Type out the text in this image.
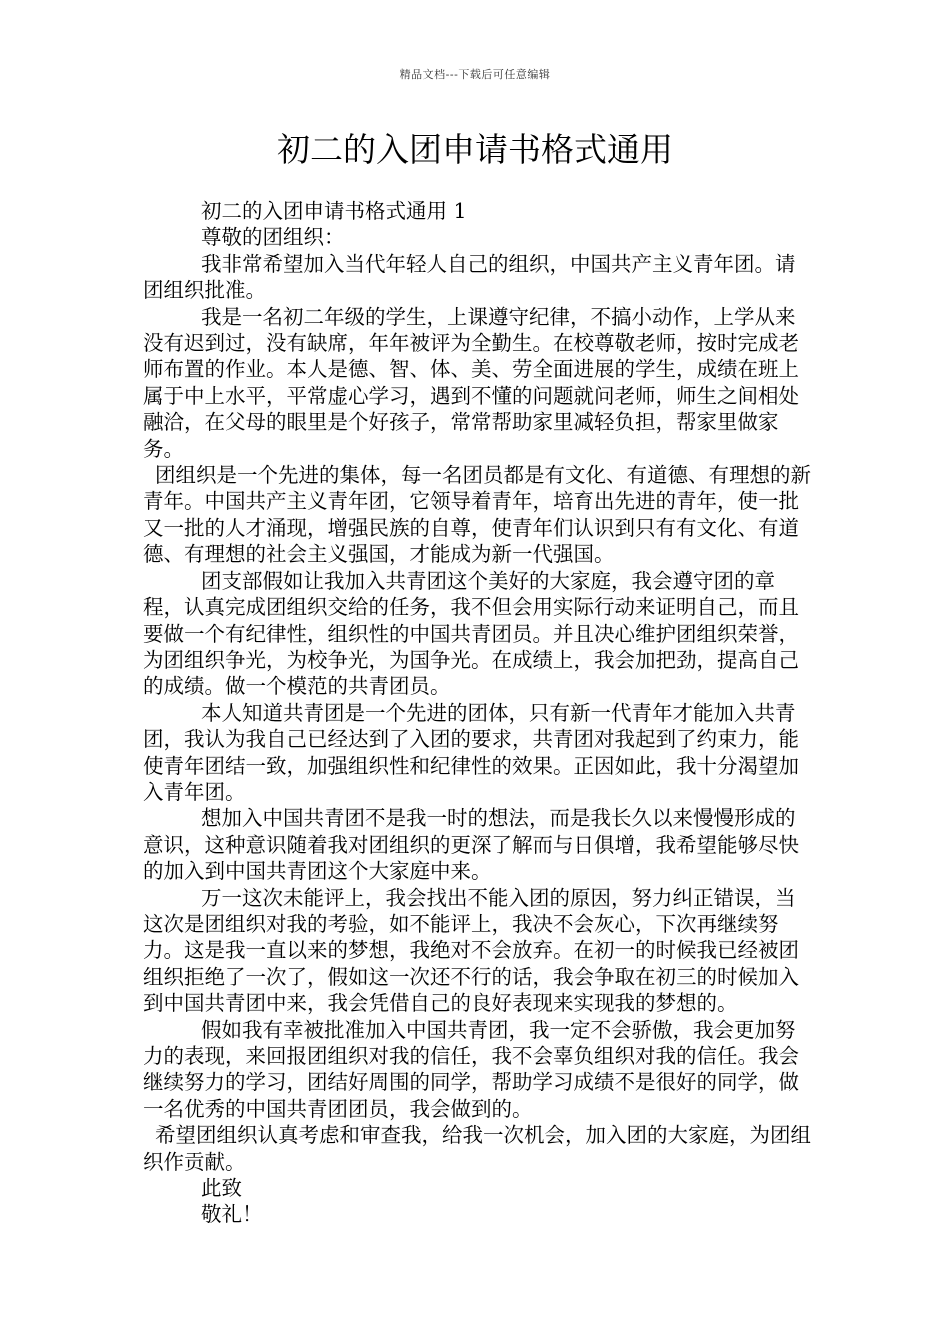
精品文档---下载后可任意编辑
初二的入团申请书格式通用

初二的入团申请书格式通用 1

尊敬的团组织：

我非常希望加入当代年轻人自己的组织，中国共产主义青年团。请团组织批准。

我是一名初二年级的学生，上课遵守纪律，不搞小动作，上学从来没有迟到过，没有缺席，年年被评为全勤生。在校尊敬老师，按时完成老师布置的作业。本人是德、智、体、美、劳全面进展的学生，成绩在班上属于中上水平，平常虚心学习，遇到不懂的问题就问老师，师生之间相处融洽，在父母的眼里是个好孩子，常常帮助家里减轻负担，帮家里做家务。

团组织是一个先进的集体，每一名团员都是有文化、有道德、有理想的新青年。中国共产主义青年团，它领导着青年，培育出先进的青年，使一批又一批的人才涌现，增强民族的自尊，使青年们认识到只有有文化、有道德、有理想的社会主义强国，才能成为新一代强国。

团支部假如让我加入共青团这个美好的大家庭，我会遵守团的章程，认真完成团组织交给的任务，我不但会用实际行动来证明自己，而且要做一个有纪律性，组织性的中国共青团员。并且决心维护团组织荣誉，为团组织争光，为校争光，为国争光。在成绩上，我会加把劲，提高自己的成绩。做一个模范的共青团员。

本人知道共青团是一个先进的团体，只有新一代青年才能加入共青团，我认为我自己已经达到了入团的要求，共青团对我起到了约束力，能使青年团结一致，加强组织性和纪律性的效果。正因如此，我十分渴望加入青年团。

想加入中国共青团不是我一时的想法，而是我长久以来慢慢形成的意识，这种意识随着我对团组织的更深了解而与日俱增，我希望能够尽快的加入到中国共青团这个大家庭中来。

万一这次未能评上，我会找出不能入团的原因，努力纠正错误，当这次是团组织对我的考验，如不能评上，我决不会灰心，下次再继续努力。这是我一直以来的梦想，我绝对不会放弃。在初一的时候我已经被团组织拒绝了一次了，假如这一次还不行的话，我会争取在初三的时候加入到中国共青团中来，我会凭借自己的良好表现来实现我的梦想的。

假如我有幸被批准加入中国共青团，我一定不会骄傲，我会更加努力的表现，来回报团组织对我的信任，我不会辜负组织对我的信任。我会继续努力的学习，团结好周围的同学，帮助学习成绩不是很好的同学，做一名优秀的中国共青团团员，我会做到的。

希望团组织认真考虑和审查我，给我一次机会，加入团的大家庭，为团组织作贡献。

此致

敬礼！
